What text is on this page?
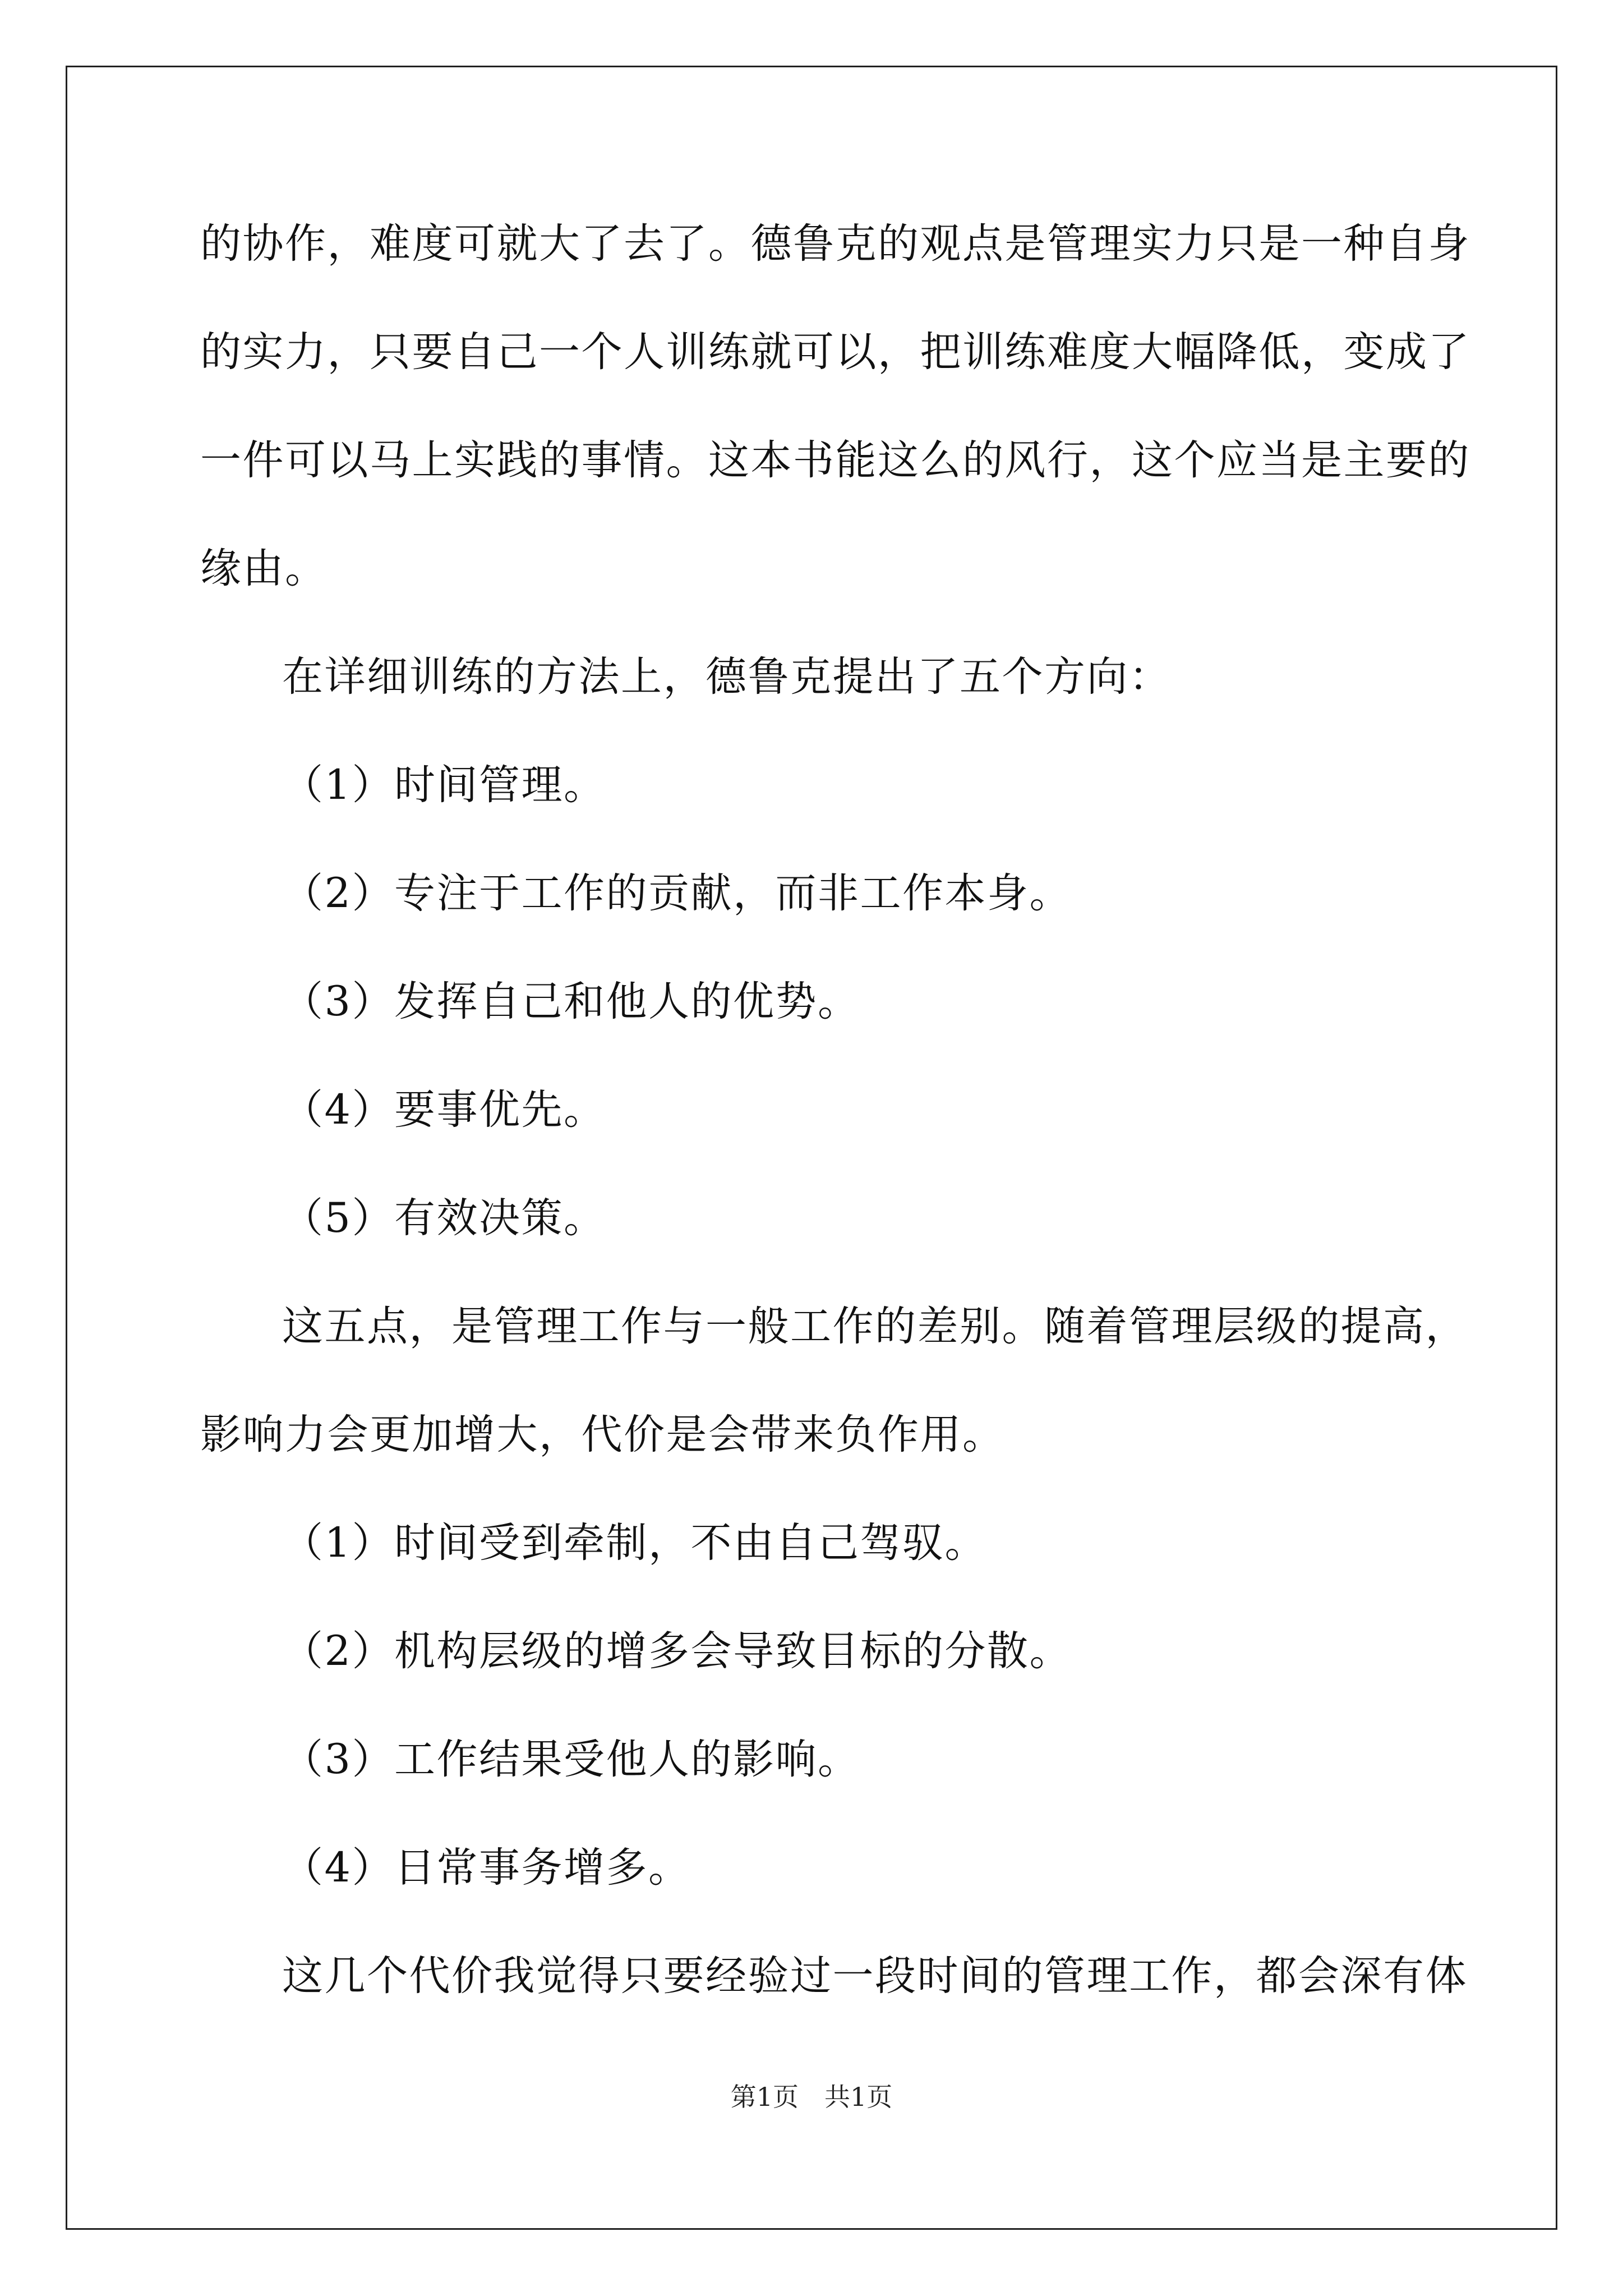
的协作，难度可就大了去了。德鲁克的观点是管理实力只是一种自身
的实力，只要自己一个人训练就可以，把训练难度大幅降低，变成了
一件可以马上实践的事情。这本书能这么的风行，这个应当是主要的
缘由。
在详细训练的方法上，德鲁克提出了五个方向：
（1）时间管理。
（2）专注于工作的贡献，而非工作本身。
（3）发挥自己和他人的优势。
（4）要事优先。
（5）有效决策。
这五点，是管理工作与一般工作的差别。随着管理层级的提高，
影响力会更加增大，代价是会带来负作用。
（1）时间受到牵制，不由自己驾驭。
（2）机构层级的增多会导致目标的分散。
（3）工作结果受他人的影响。
（4）日常事务增多。
这几个代价我觉得只要经验过一段时间的管理工作，都会深有体
第1页　共1页
